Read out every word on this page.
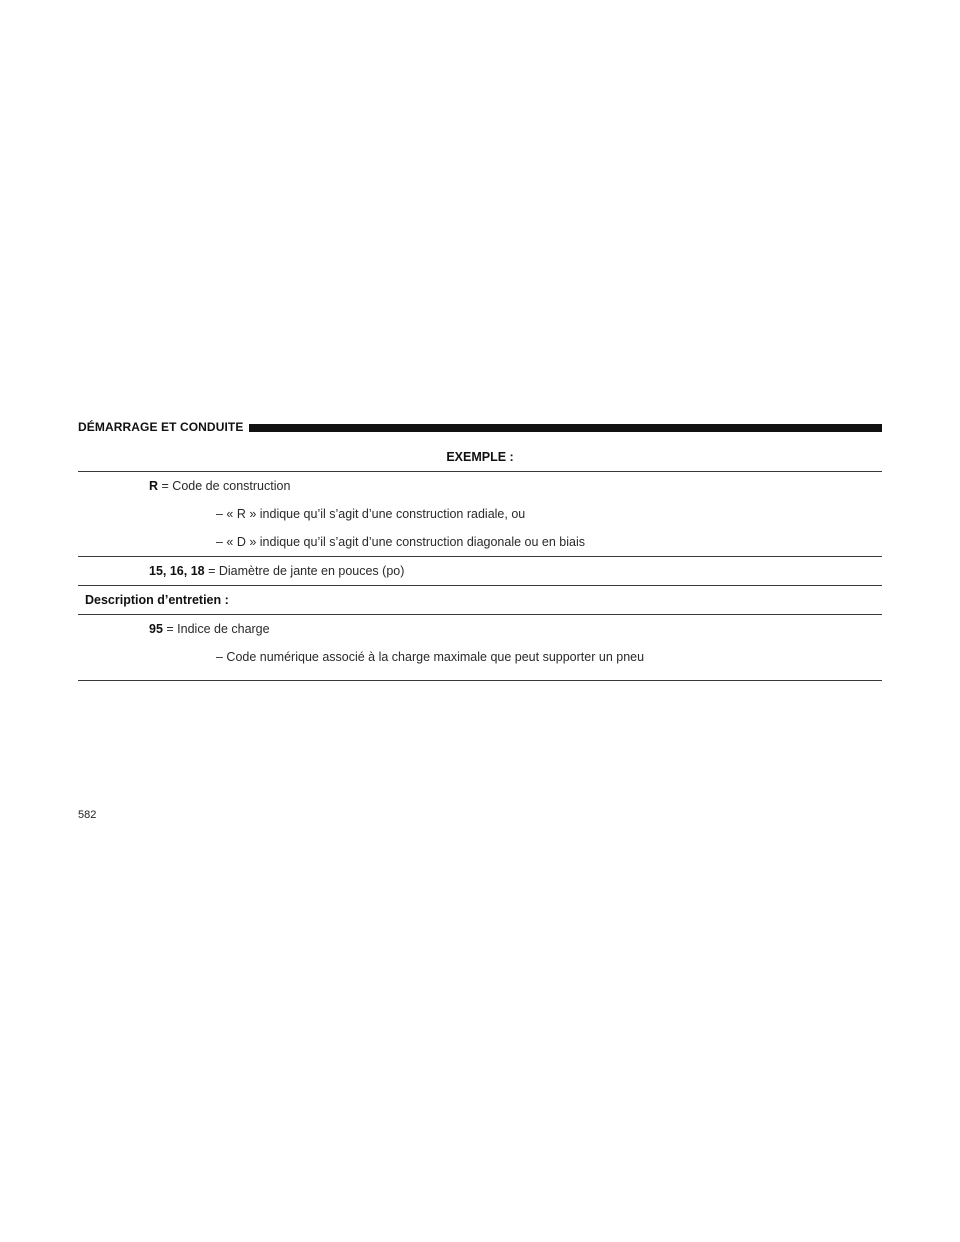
DÉMARRAGE ET CONDUITE
EXEMPLE :
R = Code de construction
– « R » indique qu’il s’agit d’une construction radiale, ou
– « D » indique qu’il s’agit d’une construction diagonale ou en biais
15, 16, 18 = Diamètre de jante en pouces (po)
Description d’entretien :
95 = Indice de charge
– Code numérique associé à la charge maximale que peut supporter un pneu
582
